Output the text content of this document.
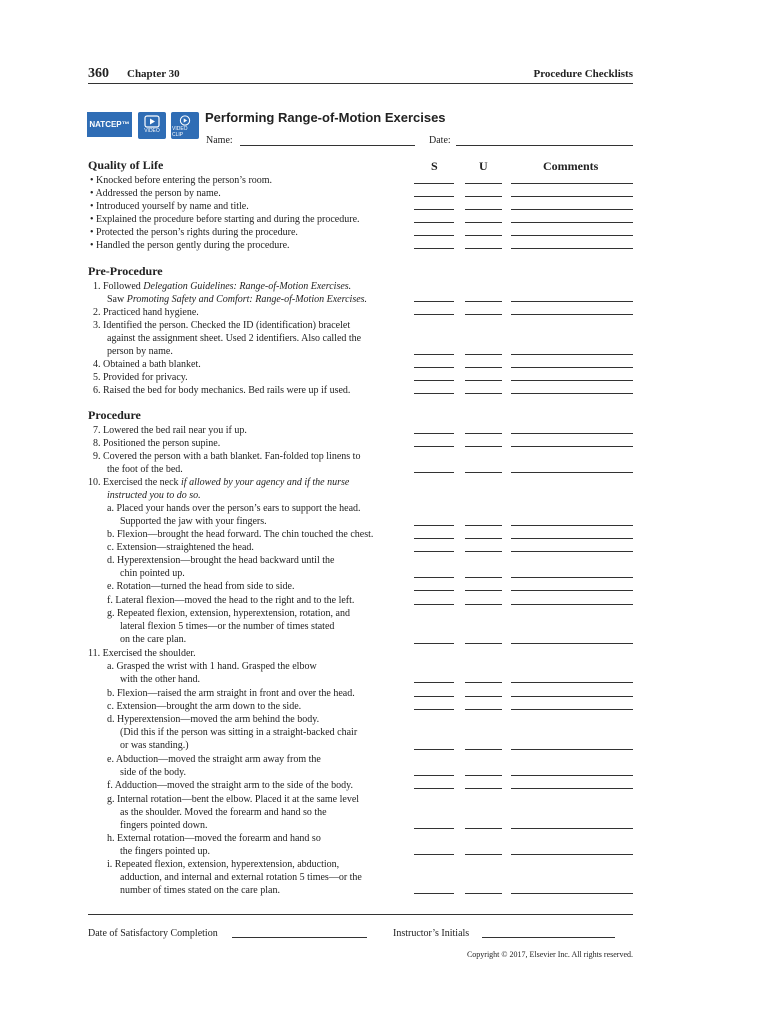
360 Chapter 30	Procedure Checklists
NATCEP™
VIDEO VIDEO CLIP
Performing Range-of-Motion Exercises
Name:	Date:
S	U	Comments
Quality of Life
• Knocked before entering the person’s room.
• Addressed the person by name.
• Introduced yourself by name and title.
• Explained the procedure before starting and during the procedure.
• Protected the person’s rights during the procedure.
• Handled the person gently during the procedure.
Pre-Procedure
1. Followed Delegation Guidelines: Range-of-Motion Exercises.
Saw Promoting Safety and Comfort: Range-of-Motion Exercises.
2. Practiced hand hygiene.
3. Identified the person. Checked the ID (identification) bracelet
against the assignment sheet. Used 2 identifiers. Also called the
person by name.
4. Obtained a bath blanket.
5. Provided for privacy.
6. Raised the bed for body mechanics. Bed rails were up if used.
Procedure
7. Lowered the bed rail near you if up.
8. Positioned the person supine.
9. Covered the person with a bath blanket. Fan-folded top linens to
the foot of the bed.
10. Exercised the neck if allowed by your agency and if the nurse
instructed you to do so.
a. Placed your hands over the person’s ears to support the head.
Supported the jaw with your fingers.
b. Flexion—brought the head forward. The chin touched the chest.
c. Extension—straightened the head.
d. Hyperextension—brought the head backward until the
chin pointed up.
e. Rotation—turned the head from side to side.
f. Lateral flexion—moved the head to the right and to the left.
g. Repeated flexion, extension, hyperextension, rotation, and
lateral flexion 5 times—or the number of times stated
on the care plan.
11. Exercised the shoulder.
a. Grasped the wrist with 1 hand. Grasped the elbow
with the other hand.
b. Flexion—raised the arm straight in front and over the head.
c. Extension—brought the arm down to the side.
d. Hyperextension—moved the arm behind the body.
(Did this if the person was sitting in a straight-backed chair
or was standing.)
e. Abduction—moved the straight arm away from the
side of the body.
f. Adduction—moved the straight arm to the side of the body.
g. Internal rotation—bent the elbow. Placed it at the same level
as the shoulder. Moved the forearm and hand so the
fingers pointed down.
h. External rotation—moved the forearm and hand so
the fingers pointed up.
i. Repeated flexion, extension, hyperextension, abduction,
adduction, and internal and external rotation 5 times—or the
number of times stated on the care plan.
Date of Satisfactory Completion	Instructor’s Initials
Copyright © 2017, Elsevier Inc. All rights reserved.
